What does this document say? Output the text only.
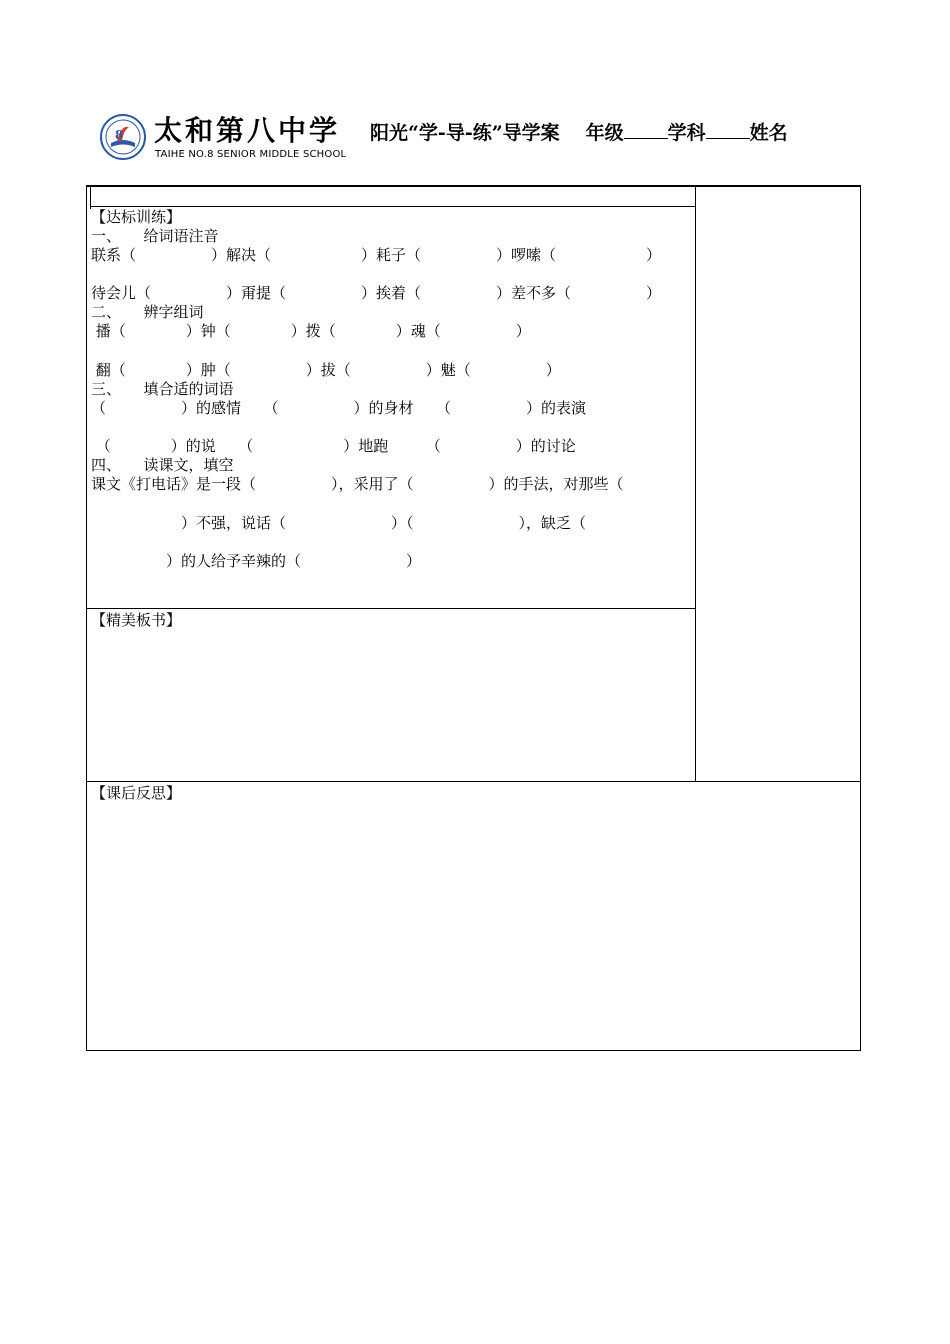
8 太和第八中学
TAIHE NO.8 SENIOR MIDDLE SCHOOL
阳光“学-导-练”导学案 年级 学科 姓名
【达标训练】
一、　　给词语注音
联系（　　　　　）解决（　　　　　　）耗子（　　　　　）啰嗦（　　　　　　）
待会儿（　　　　　）甭提（　　　　　）挨着（　　　　　）差不多（　　　　　）
二、　　辨字组词
播（　　　　）钟（　　　　）拨（　　　　）魂（　　　　　）
翻（　　　　）肿（　　　　　）拔（　　　　　）魅（　　　　　）
三、　　填合适的词语
（　　　　　）的感情　　（　　　　　）的身材　　（　　　　　）的表演
（　　　　）的说　　（　　　　　　）地跑　　　（　　　　　）的讨论
四、　　读课文，填空
课文《打电话》是一段（　　　　　），采用了（　　　　　）的手法，对那些（
　　　　　　）不强，说话（　　　　　　　）（　　　　　　　），缺乏（
　　　　　）的人给予辛辣的（　　　　　　　）
【精美板书】
【课后反思】
